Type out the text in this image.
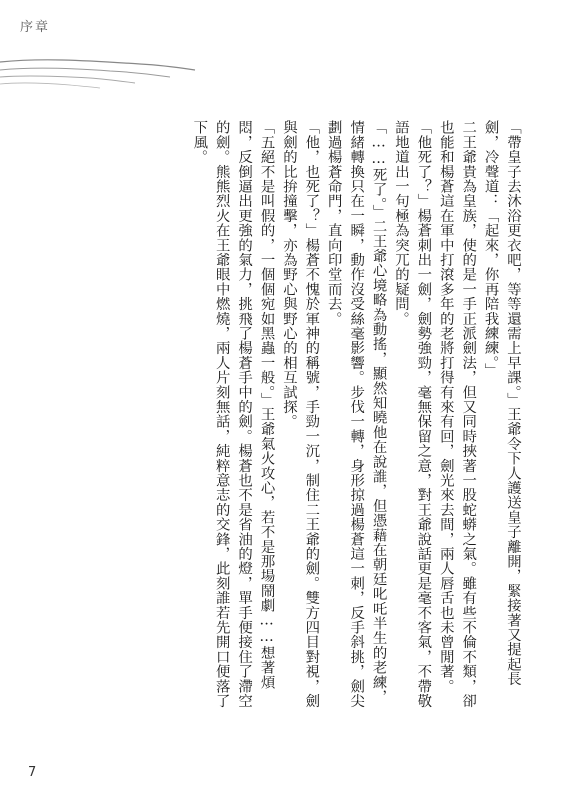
序章

「帶皇子去沐浴更衣吧，等等還需上早課。」王爺令下人護送皇子離開，緊接著又提起長劍，冷聲道：「起來，你再陪我練練。」

二王爺貴為皇族，使的是一手正派劍法，但又同時挾著一股蛇蟒之氣。雖有些不倫不類，卻也能和楊蒼這在軍中打滾多年的老將打得有來有回，劍光來去間，兩人唇舌也未曾閒著。

「他死了？」楊蒼刺出一劍，劍勢強勁，毫無保留之意，對王爺說話更是毫不客氣，不帶敬語地道出一句極為突兀的疑問。

「……死了。」二王爺心境略為動搖，顯然知曉他在說誰，但憑藉在朝廷叱吒半生的老練，情緒轉換只在一瞬，動作沒受絲毫影響。步伐一轉，身形掠過楊蒼這一刺，反手斜挑，劍尖劃過楊蒼命門，直向印堂而去。

「他，也死了？」楊蒼不愧於軍神的稱號，手勁一沉，制住二王爺的劍。雙方四目對視，劍與劍的比拚撞擊，亦為野心與野心的相互試探。

「五絕不是叫假的，一個個宛如黑蟲一般。」王爺氣火攻心，若不是那場鬧劇……想著煩悶，反倒逼出更強的氣力，挑飛了楊蒼手中的劍。楊蒼也不是省油的燈，單手便接住了滯空的劍。熊熊烈火在王爺眼中燃燒，兩人片刻無話，純粹意志的交鋒，此刻誰若先開口便落了下風。

7
